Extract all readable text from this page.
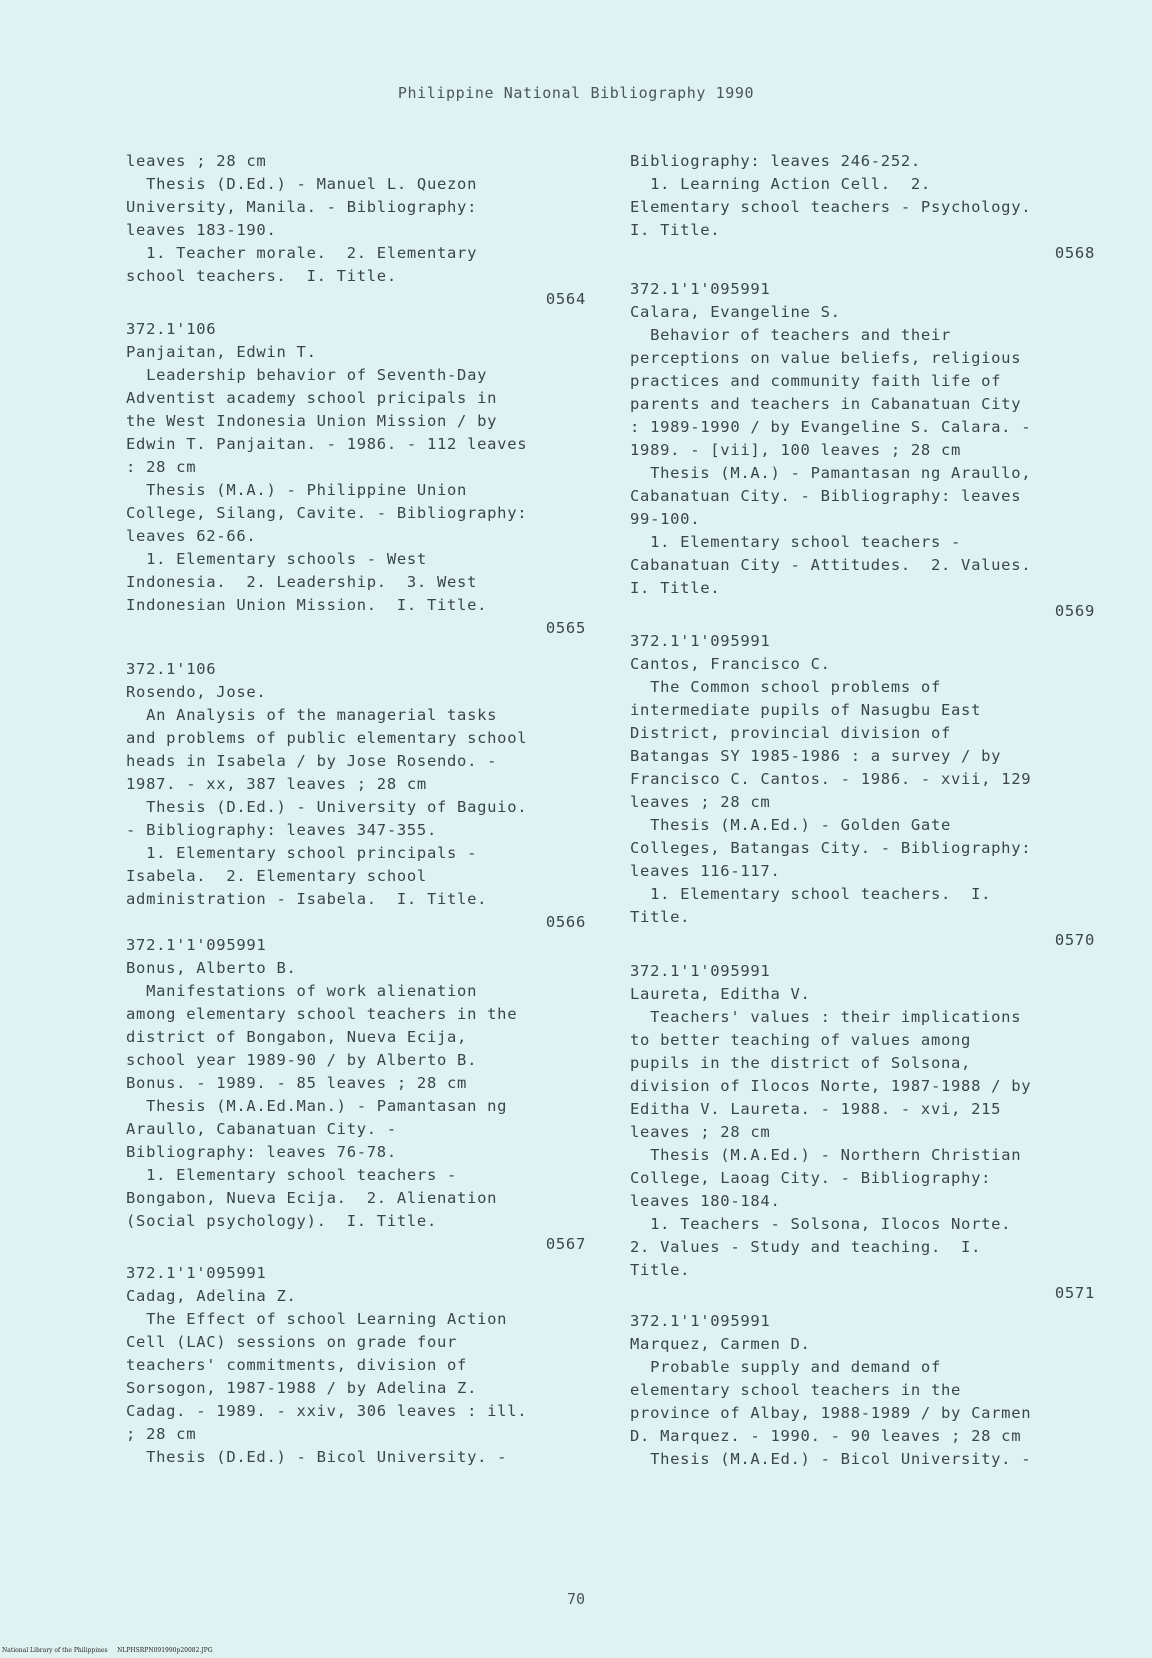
Philippine National Bibliography 1990
leaves ; 28 cm
Thesis (D.Ed.) - Manuel L. Quezon
University, Manila. - Bibliography:
leaves 183-190.
1. Teacher morale.  2. Elementary
school teachers.  I. Title.
0564
372.1'106
Panjaitan, Edwin T.
Leadership behavior of Seventh-Day
Adventist academy school pricipals in
the West Indonesia Union Mission / by
Edwin T. Panjaitan. - 1986. - 112 leaves
: 28 cm
Thesis (M.A.) - Philippine Union
College, Silang, Cavite. - Bibliography:
leaves 62-66.
1. Elementary schools - West
Indonesia.  2. Leadership.  3. West
Indonesian Union Mission.  I. Title.
0565
372.1'106
Rosendo, Jose.
An Analysis of the managerial tasks
and problems of public elementary school
heads in Isabela / by Jose Rosendo. -
1987. - xx, 387 leaves ; 28 cm
Thesis (D.Ed.) - University of Baguio.
- Bibliography: leaves 347-355.
1. Elementary school principals -
Isabela.  2. Elementary school
administration - Isabela.  I. Title.
0566
372.1'1'095991
Bonus, Alberto B.
Manifestations of work alienation
among elementary school teachers in the
district of Bongabon, Nueva Ecija,
school year 1989-90 / by Alberto B.
Bonus. - 1989. - 85 leaves ; 28 cm
Thesis (M.A.Ed.Man.) - Pamantasan ng
Araullo, Cabanatuan City. -
Bibliography: leaves 76-78.
1. Elementary school teachers -
Bongabon, Nueva Ecija.  2. Alienation
(Social psychology).  I. Title.
0567
372.1'1'095991
Cadag, Adelina Z.
The Effect of school Learning Action
Cell (LAC) sessions on grade four
teachers' commitments, division of
Sorsogon, 1987-1988 / by Adelina Z.
Cadag. - 1989. - xxiv, 306 leaves : ill.
; 28 cm
Thesis (D.Ed.) - Bicol University. -
Bibliography: leaves 246-252.
1. Learning Action Cell.  2.
Elementary school teachers - Psychology.
I. Title.
0568
372.1'1'095991
Calara, Evangeline S.
Behavior of teachers and their
perceptions on value beliefs, religious
practices and community faith life of
parents and teachers in Cabanatuan City
: 1989-1990 / by Evangeline S. Calara. -
1989. - [vii], 100 leaves ; 28 cm
Thesis (M.A.) - Pamantasan ng Araullo,
Cabanatuan City. - Bibliography: leaves
99-100.
1. Elementary school teachers -
Cabanatuan City - Attitudes.  2. Values.
I. Title.
0569
372.1'1'095991
Cantos, Francisco C.
The Common school problems of
intermediate pupils of Nasugbu East
District, provincial division of
Batangas SY 1985-1986 : a survey / by
Francisco C. Cantos. - 1986. - xvii, 129
leaves ; 28 cm
Thesis (M.A.Ed.) - Golden Gate
Colleges, Batangas City. - Bibliography:
leaves 116-117.
1. Elementary school teachers.  I.
Title.
0570
372.1'1'095991
Laureta, Editha V.
Teachers' values : their implications
to better teaching of values among
pupils in the district of Solsona,
division of Ilocos Norte, 1987-1988 / by
Editha V. Laureta. - 1988. - xvi, 215
leaves ; 28 cm
Thesis (M.A.Ed.) - Northern Christian
College, Laoag City. - Bibliography:
leaves 180-184.
1. Teachers - Solsona, Ilocos Norte.
2. Values - Study and teaching.  I.
Title.
0571
372.1'1'095991
Marquez, Carmen D.
Probable supply and demand of
elementary school teachers in the
province of Albay, 1988-1989 / by Carmen
D. Marquez. - 1990. - 90 leaves ; 28 cm
Thesis (M.A.Ed.) - Bicol University. -
70
National Library of the Philippines     NLPHSRPN091990p20082.JPG
